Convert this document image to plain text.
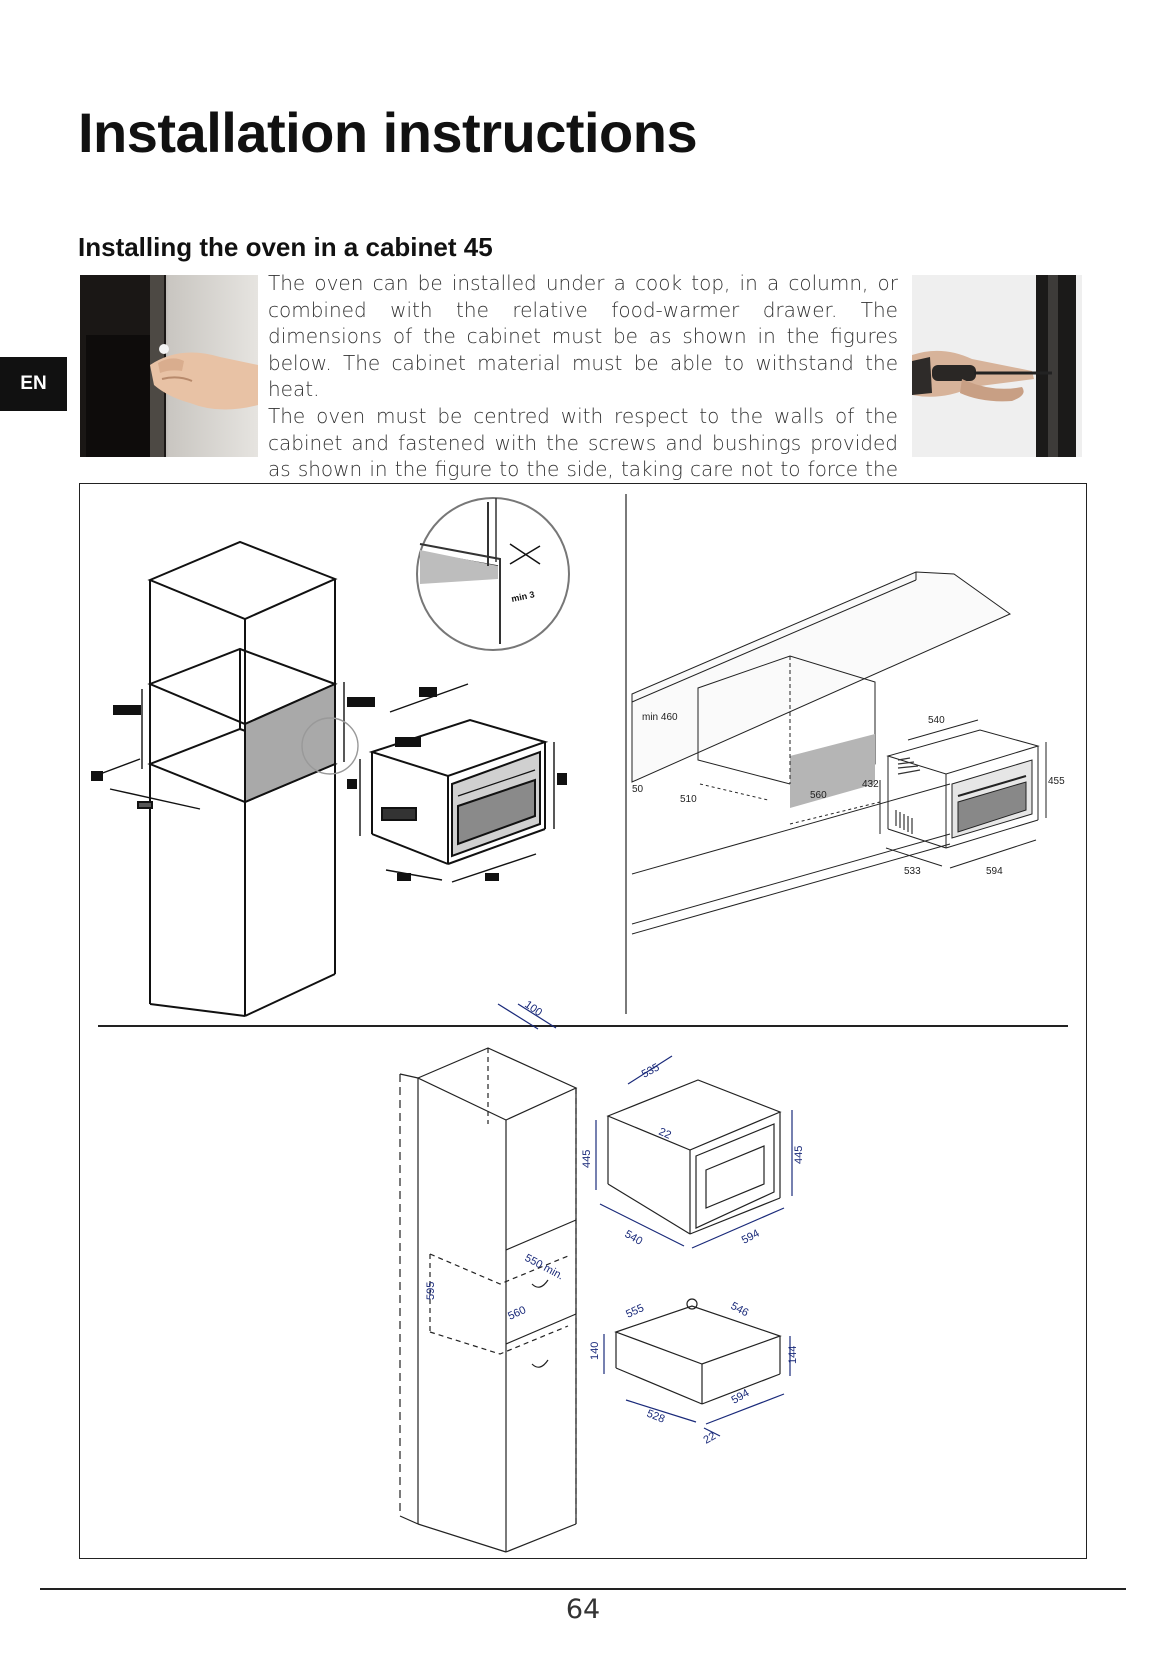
Installation instructions
Installing the oven in a cabinet 45
EN

The oven can be installed under a cook top, in a column, or combined with the relative food-warmer drawer. The dimensions of the cabinet must be as shown in the figures below. The cabinet material must be able to withstand the heat.

The oven must be centred with respect to the walls of the cabinet and fastened with the screws and bushings provided as shown in the figure to the side, taking care not to force the

min 3
min 460
50
510	560
432
540
455
533	594
100
595
550 min.
560
535
22
445	445
540	594
555	546
140	144
528
594
22
64
